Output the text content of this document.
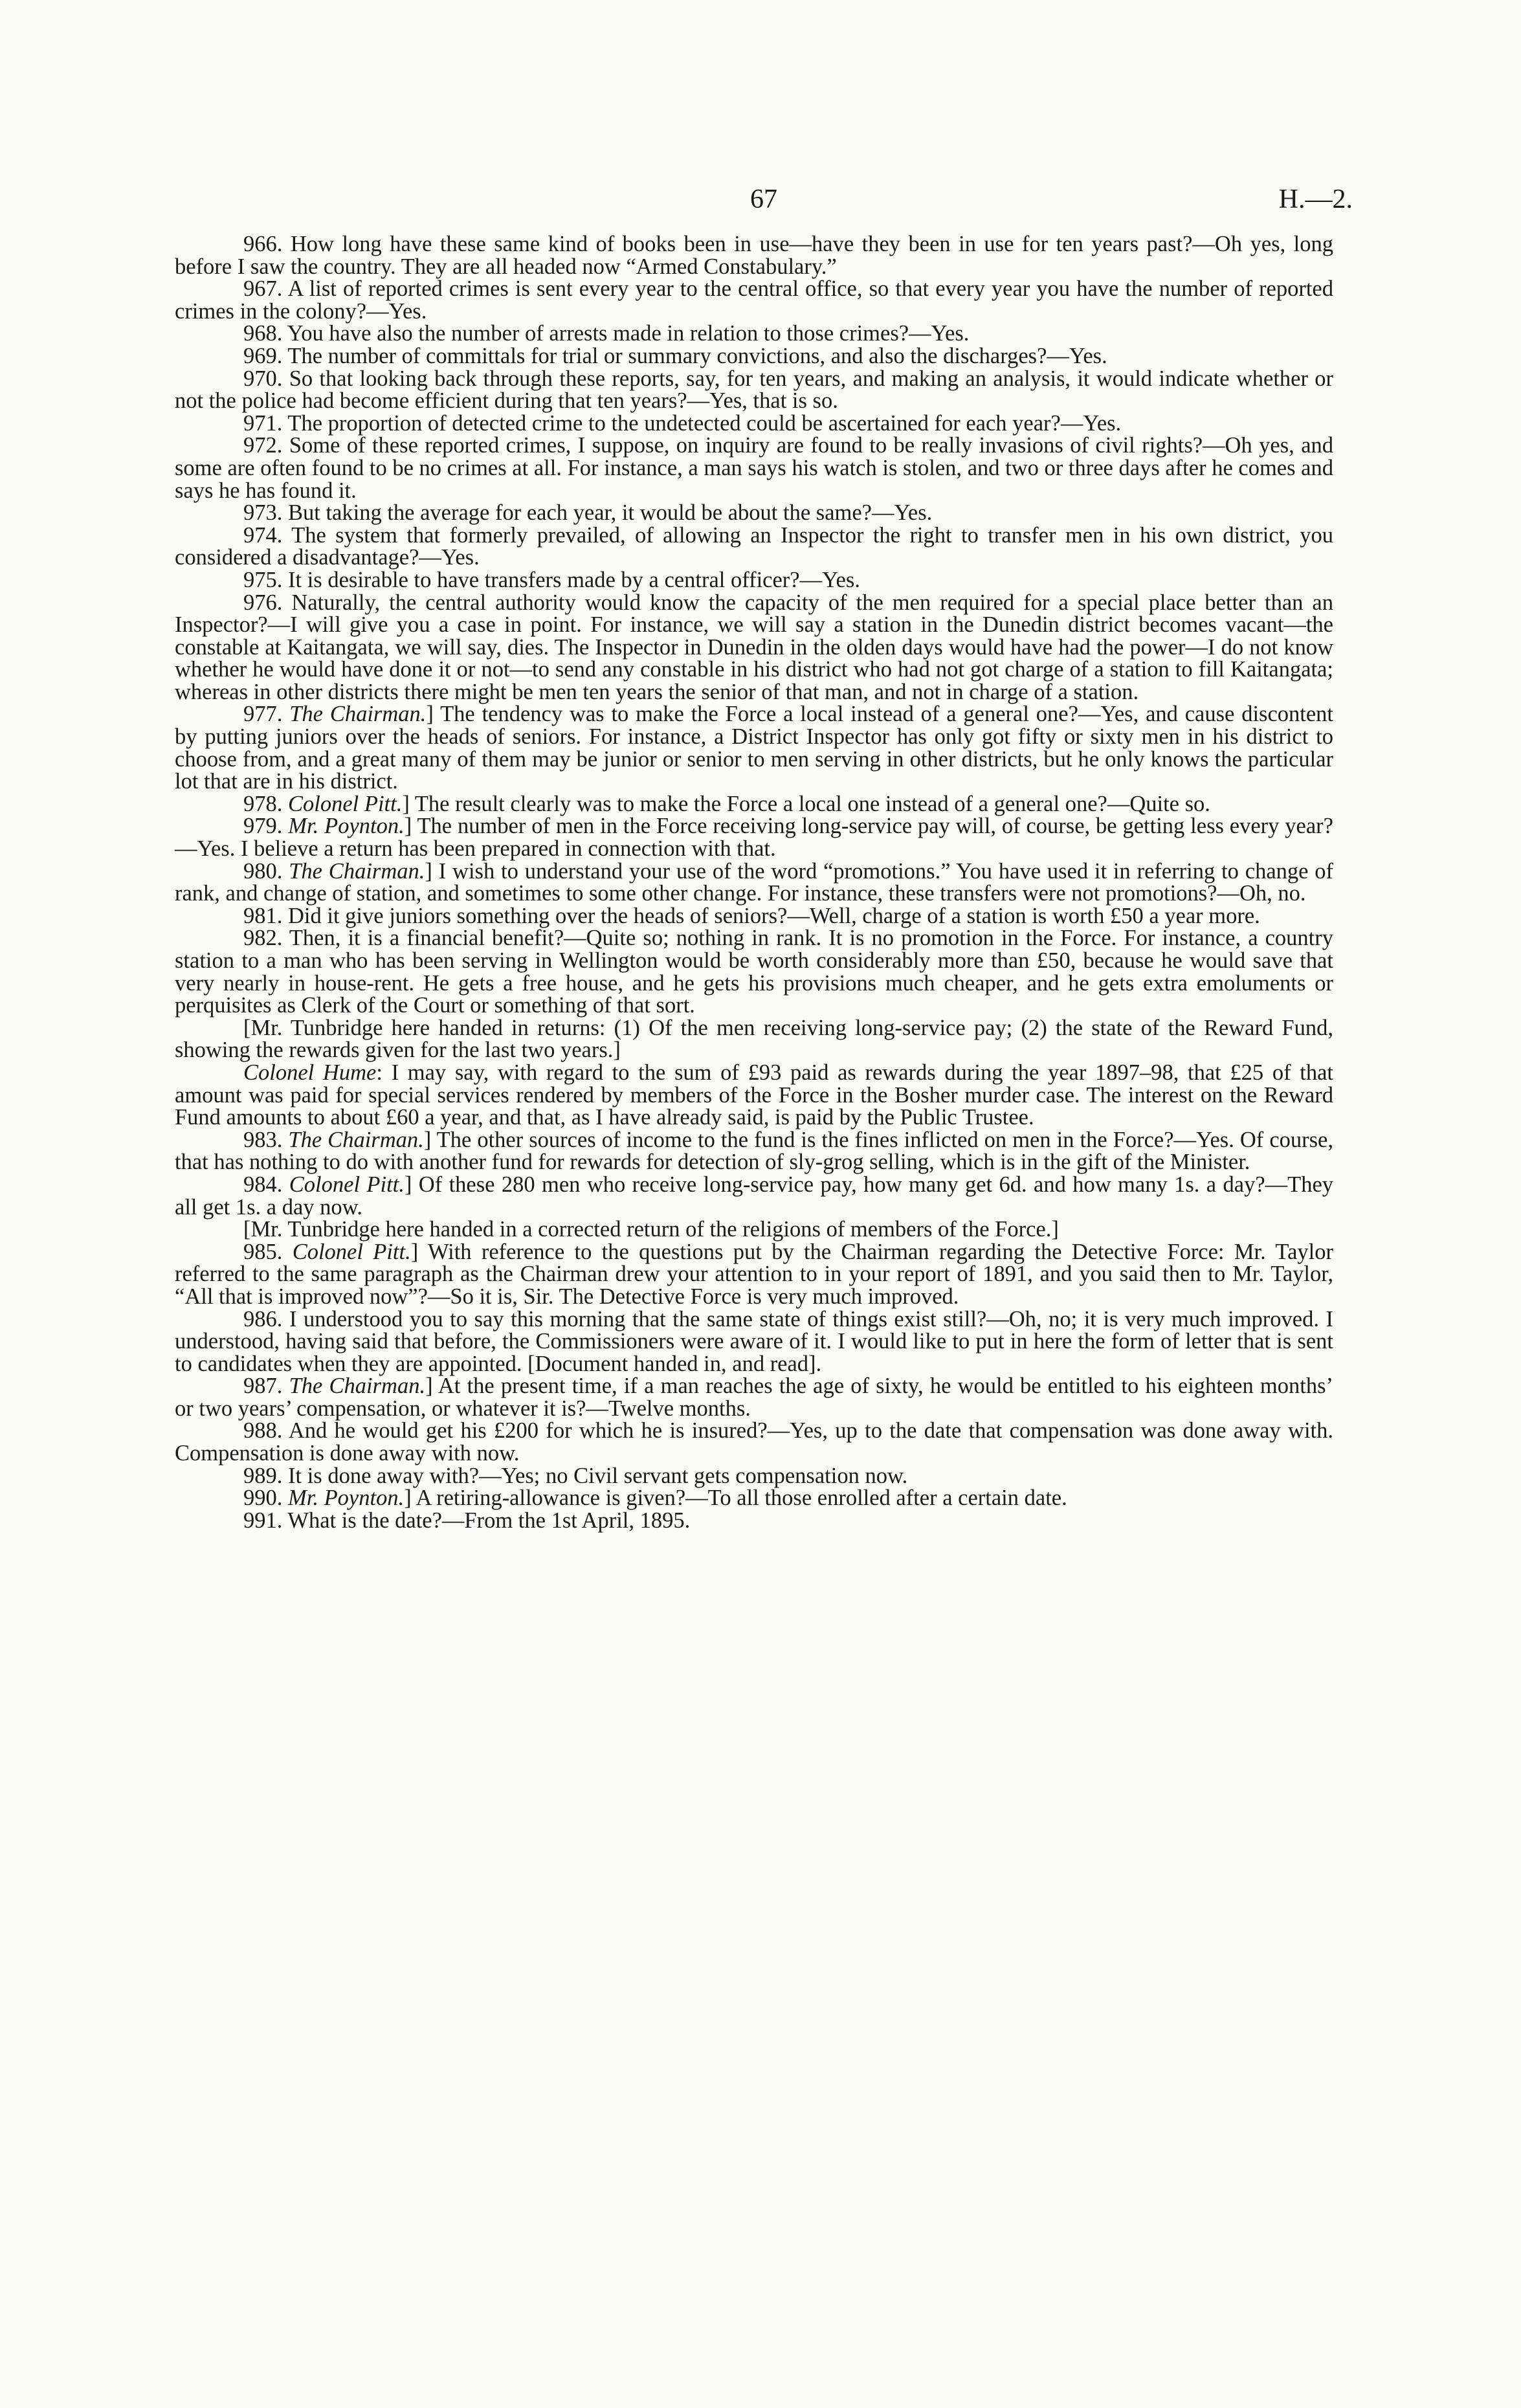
67	H.—2.

966. How long have these same kind of books been in use—have they been in use for ten years past?—Oh yes, long before I saw the country. They are all headed now “Armed Constabulary.”

967. A list of reported crimes is sent every year to the central office, so that every year you have the number of reported crimes in the colony?—Yes.

968. You have also the number of arrests made in relation to those crimes?—Yes.

969. The number of committals for trial or summary convictions, and also the discharges?—Yes.

970. So that looking back through these reports, say, for ten years, and making an analysis, it would indicate whether or not the police had become efficient during that ten years?—Yes, that is so.

971. The proportion of detected crime to the undetected could be ascertained for each year?—Yes.

972. Some of these reported crimes, I suppose, on inquiry are found to be really invasions of civil rights?—Oh yes, and some are often found to be no crimes at all. For instance, a man says his watch is stolen, and two or three days after he comes and says he has found it.

973. But taking the average for each year, it would be about the same?—Yes.

974. The system that formerly prevailed, of allowing an Inspector the right to transfer men in his own district, you considered a disadvantage?—Yes.

975. It is desirable to have transfers made by a central officer?—Yes.

976. Naturally, the central authority would know the capacity of the men required for a special place better than an Inspector?—I will give you a case in point. For instance, we will say a station in the Dunedin district becomes vacant—the constable at Kaitangata, we will say, dies. The Inspector in Dunedin in the olden days would have had the power—I do not know whether he would have done it or not—to send any constable in his district who had not got charge of a station to fill Kaitangata; whereas in other districts there might be men ten years the senior of that man, and not in charge of a station.

977. The Chairman.] The tendency was to make the Force a local instead of a general one?—Yes, and cause discontent by putting juniors over the heads of seniors. For instance, a District Inspector has only got fifty or sixty men in his district to choose from, and a great many of them may be junior or senior to men serving in other districts, but he only knows the particular lot that are in his district.

978. Colonel Pitt.] The result clearly was to make the Force a local one instead of a general one?—Quite so.

979. Mr. Poynton.] The number of men in the Force receiving long-service pay will, of course, be getting less every year?—Yes. I believe a return has been prepared in connection with that.

980. The Chairman.] I wish to understand your use of the word “promotions.” You have used it in referring to change of rank, and change of station, and sometimes to some other change. For instance, these transfers were not promotions?—Oh, no.

981. Did it give juniors something over the heads of seniors?—Well, charge of a station is worth £50 a year more.

982. Then, it is a financial benefit?—Quite so; nothing in rank. It is no promotion in the Force. For instance, a country station to a man who has been serving in Wellington would be worth considerably more than £50, because he would save that very nearly in house-rent. He gets a free house, and he gets his provisions much cheaper, and he gets extra emoluments or perquisites as Clerk of the Court or something of that sort.

[Mr. Tunbridge here handed in returns: (1) Of the men receiving long-service pay; (2) the state of the Reward Fund, showing the rewards given for the last two years.]

Colonel Hume: I may say, with regard to the sum of £93 paid as rewards during the year 1897–98, that £25 of that amount was paid for special services rendered by members of the Force in the Bosher murder case. The interest on the Reward Fund amounts to about £60 a year, and that, as I have already said, is paid by the Public Trustee.

983. The Chairman.] The other sources of income to the fund is the fines inflicted on men in the Force?—Yes. Of course, that has nothing to do with another fund for rewards for detection of sly-grog selling, which is in the gift of the Minister.

984. Colonel Pitt.] Of these 280 men who receive long-service pay, how many get 6d. and how many 1s. a day?—They all get 1s. a day now.

[Mr. Tunbridge here handed in a corrected return of the religions of members of the Force.]

985. Colonel Pitt.] With reference to the questions put by the Chairman regarding the Detective Force: Mr. Taylor referred to the same paragraph as the Chairman drew your attention to in your report of 1891, and you said then to Mr. Taylor, “All that is improved now”?—So it is, Sir. The Detective Force is very much improved.

986. I understood you to say this morning that the same state of things exist still?—Oh, no; it is very much improved. I understood, having said that before, the Commissioners were aware of it. I would like to put in here the form of letter that is sent to candidates when they are appointed. [Document handed in, and read].

987. The Chairman.] At the present time, if a man reaches the age of sixty, he would be entitled to his eighteen months’ or two years’ compensation, or whatever it is?—Twelve months.

988. And he would get his £200 for which he is insured?—Yes, up to the date that compensation was done away with. Compensation is done away with now.

989. It is done away with?—Yes; no Civil servant gets compensation now.

990. Mr. Poynton.] A retiring-allowance is given?—To all those enrolled after a certain date.

991. What is the date?—From the 1st April, 1895.
